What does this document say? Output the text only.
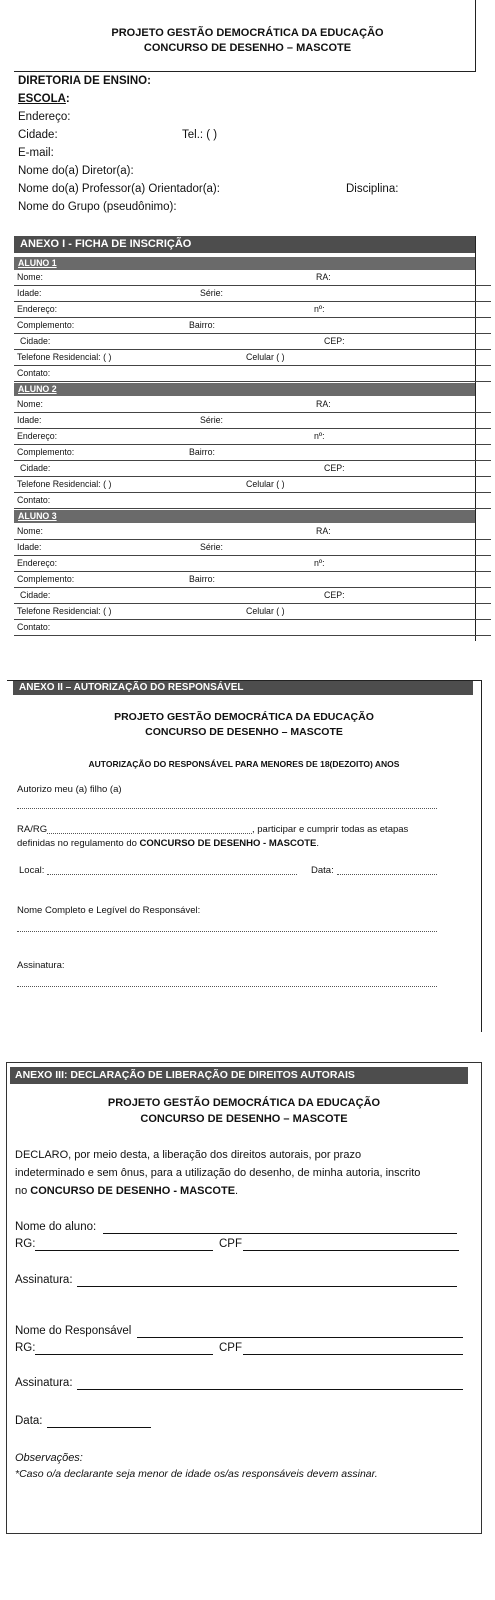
PROJETO GESTÃO DEMOCRÁTICA DA EDUCAÇÃO
CONCURSO DE DESENHO – MASCOTE
DIRETORIA DE ENSINO:
ESCOLA:
Endereço:
Cidade:	Tel.: ( )
E-mail:
Nome do(a) Diretor(a):
Nome do(a) Professor(a) Orientador(a):	Disciplina:
Nome do Grupo (pseudônimo):
ANEXO I - FICHA DE INSCRIÇÃO
ALUNO 1
Nome:	RA:
Idade:	Série:
Endereço:	nº:
Complemento:	Bairro:
Cidade:	CEP:
Telefone Residencial: ( )	Celular ( )
Contato:
ALUNO 2
Nome:	RA:
Idade:	Série:
Endereço:	nº:
Complemento:	Bairro:
Cidade:	CEP:
Telefone Residencial: ( )	Celular ( )
Contato:
ALUNO 3
Nome:	RA:
Idade:	Série:
Endereço:	nº:
Complemento:	Bairro:
Cidade:	CEP:
Telefone Residencial: ( )	Celular ( )
Contato:
ANEXO II – AUTORIZAÇÃO DO RESPONSÁVEL
PROJETO GESTÃO DEMOCRÁTICA DA EDUCAÇÃO
CONCURSO DE DESENHO – MASCOTE
AUTORIZAÇÃO DO RESPONSÁVEL PARA MENORES DE 18(DEZOITO) ANOS
Autorizo meu (a) filho (a)
RA/RG	, participar e cumprir todas as etapas
definidas no regulamento do CONCURSO DE DESENHO - MASCOTE.
Local:	Data:
Nome Completo e Legível do Responsável:
Assinatura:
ANEXO III: DECLARAÇÃO DE LIBERAÇÃO DE DIREITOS AUTORAIS
PROJETO GESTÃO DEMOCRÁTICA DA EDUCAÇÃO
CONCURSO DE DESENHO – MASCOTE
DECLARO, por meio desta, a liberação dos direitos autorais, por prazo
indeterminado e sem ônus, para a utilização do desenho, de minha autoria, inscrito
no CONCURSO DE DESENHO - MASCOTE.
Nome do aluno:
RG:	CPF
Assinatura:
Nome do Responsável
RG:	CPF
Assinatura:
Data:
Observações:
*Caso o/a declarante seja menor de idade os/as responsáveis devem assinar.
